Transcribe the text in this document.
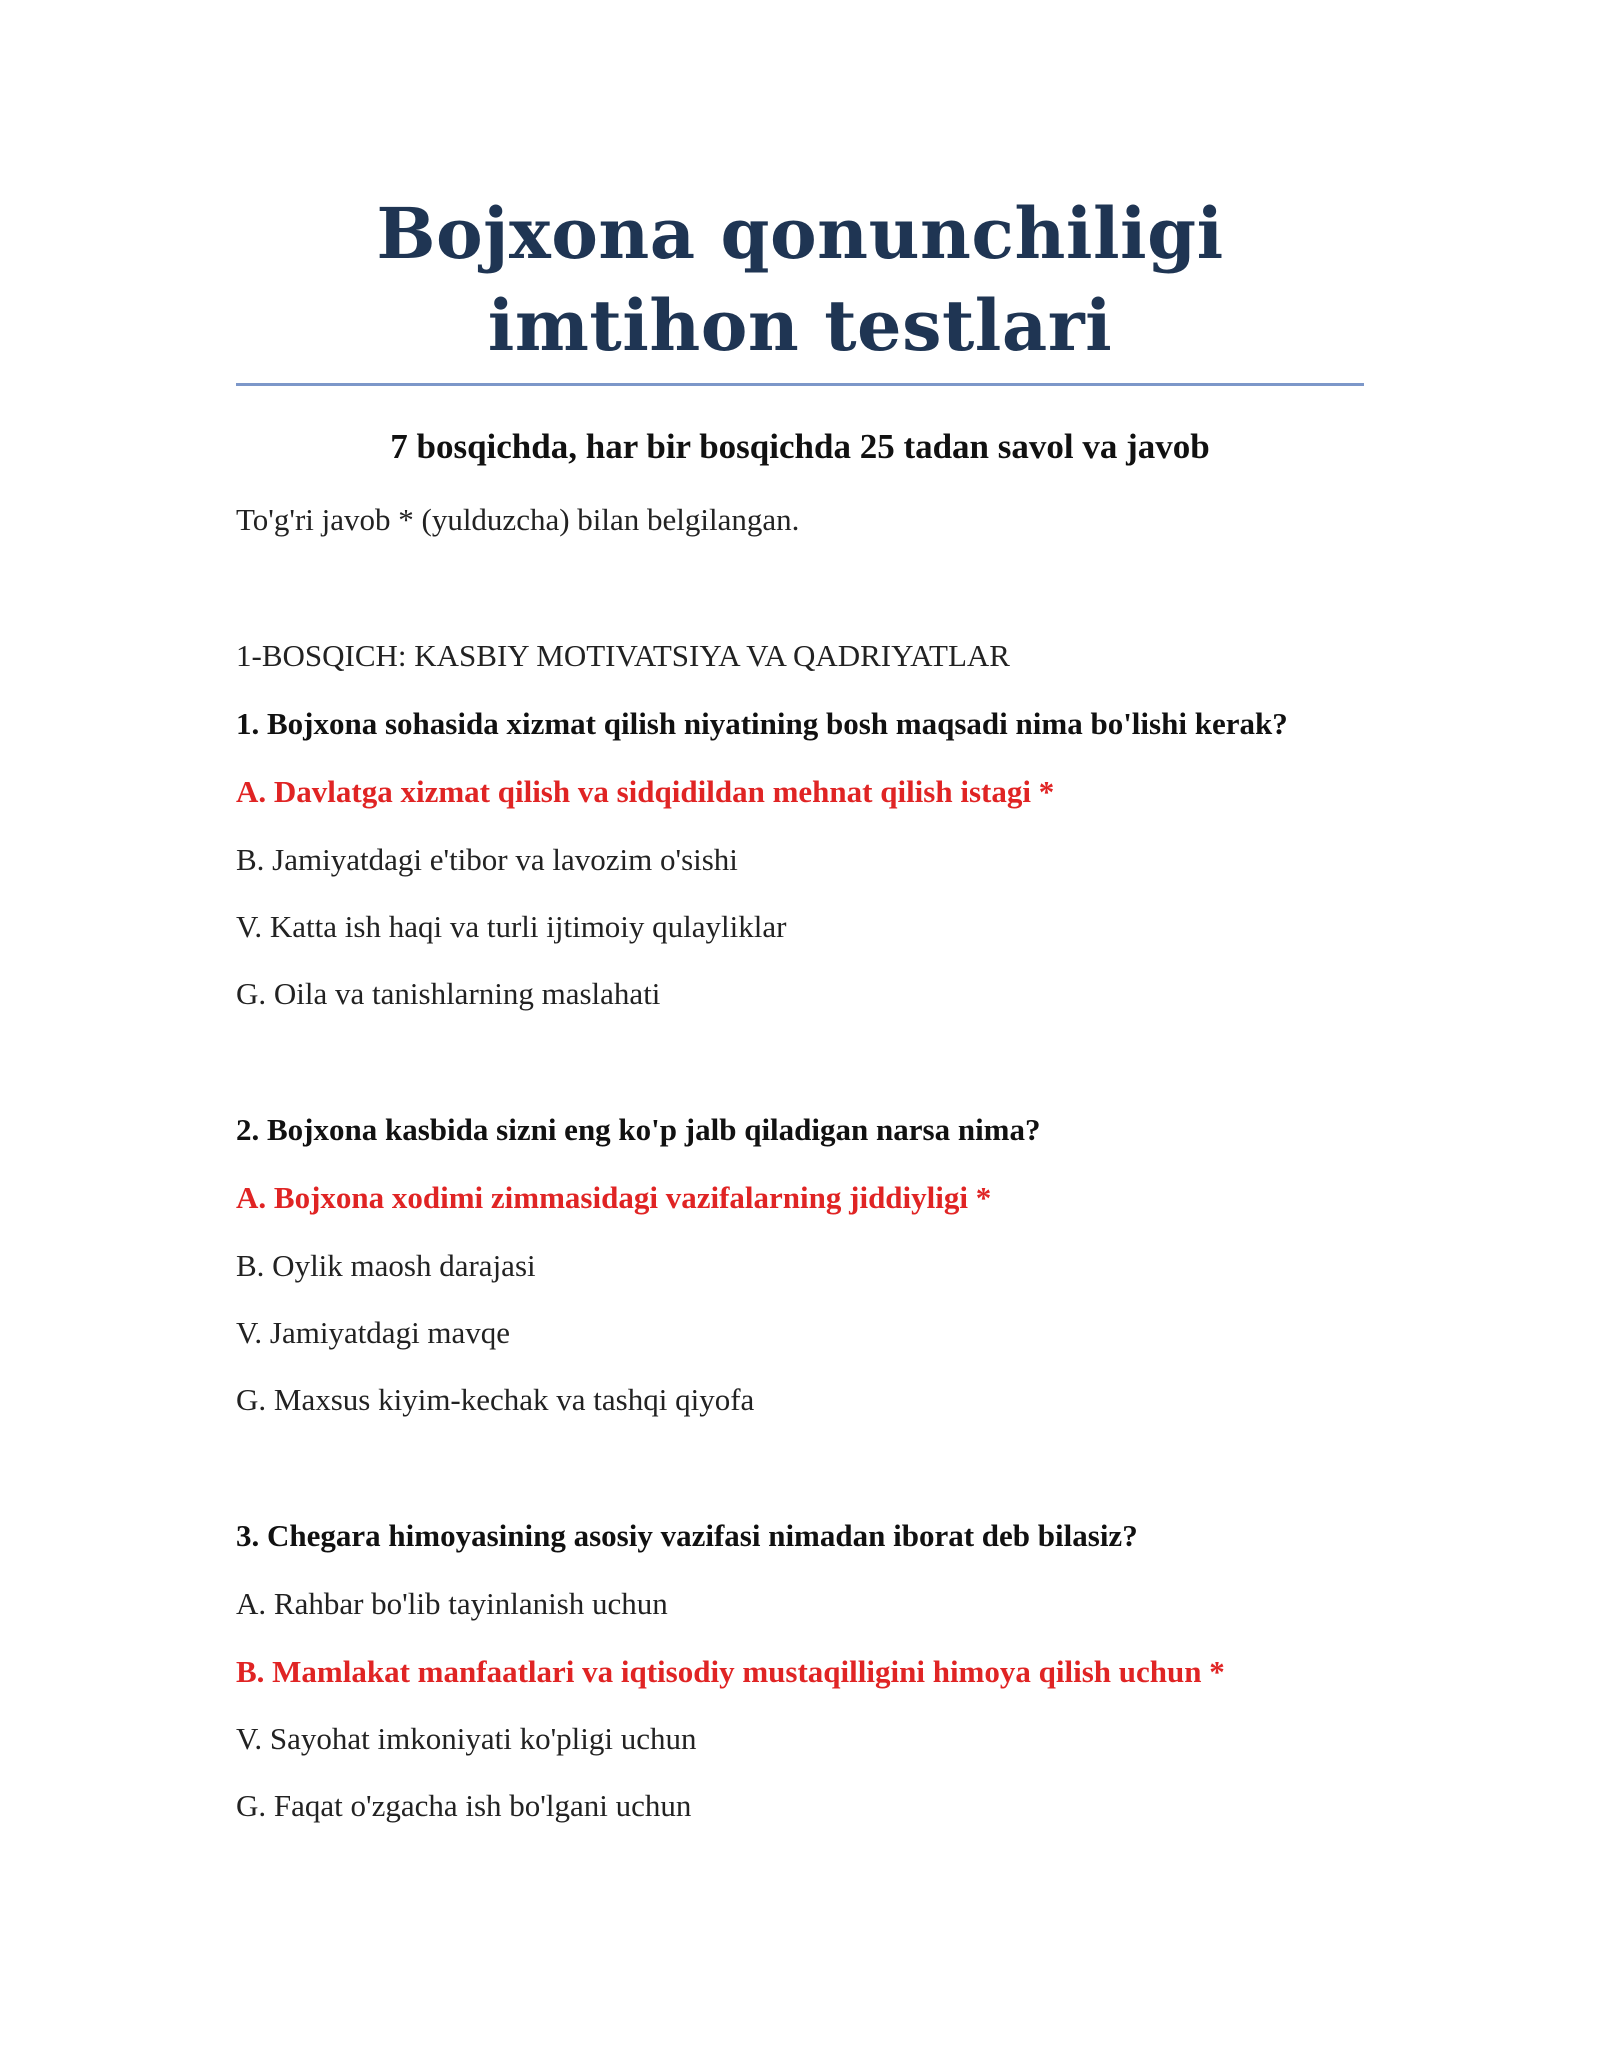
Bojxona qonunchiligi imtihon testlari
7 bosqichda, har bir bosqichda 25 tadan savol va javob
To'g'ri javob * (yulduzcha) bilan belgilangan.
1-BOSQICH: KASBIY MOTIVATSIYA VA QADRIYATLAR
1. Bojxona sohasida xizmat qilish niyatining bosh maqsadi nima bo'lishi kerak?
A. Davlatga xizmat qilish va sidqidildan mehnat qilish istagi *
B. Jamiyatdagi e'tibor va lavozim o'sishi
V. Katta ish haqi va turli ijtimoiy qulayliklar
G. Oila va tanishlarning maslahati
2. Bojxona kasbida sizni eng ko'p jalb qiladigan narsa nima?
A. Bojxona xodimi zimmasidagi vazifalarning jiddiyligi *
B. Oylik maosh darajasi
V. Jamiyatdagi mavqe
G. Maxsus kiyim-kechak va tashqi qiyofa
3. Chegara himoyasining asosiy vazifasi nimadan iborat deb bilasiz?
A. Rahbar bo'lib tayinlanish uchun
B. Mamlakat manfaatlari va iqtisodiy mustaqilligini himoya qilish uchun *
V. Sayohat imkoniyati ko'pligi uchun
G. Faqat o'zgacha ish bo'lgani uchun
